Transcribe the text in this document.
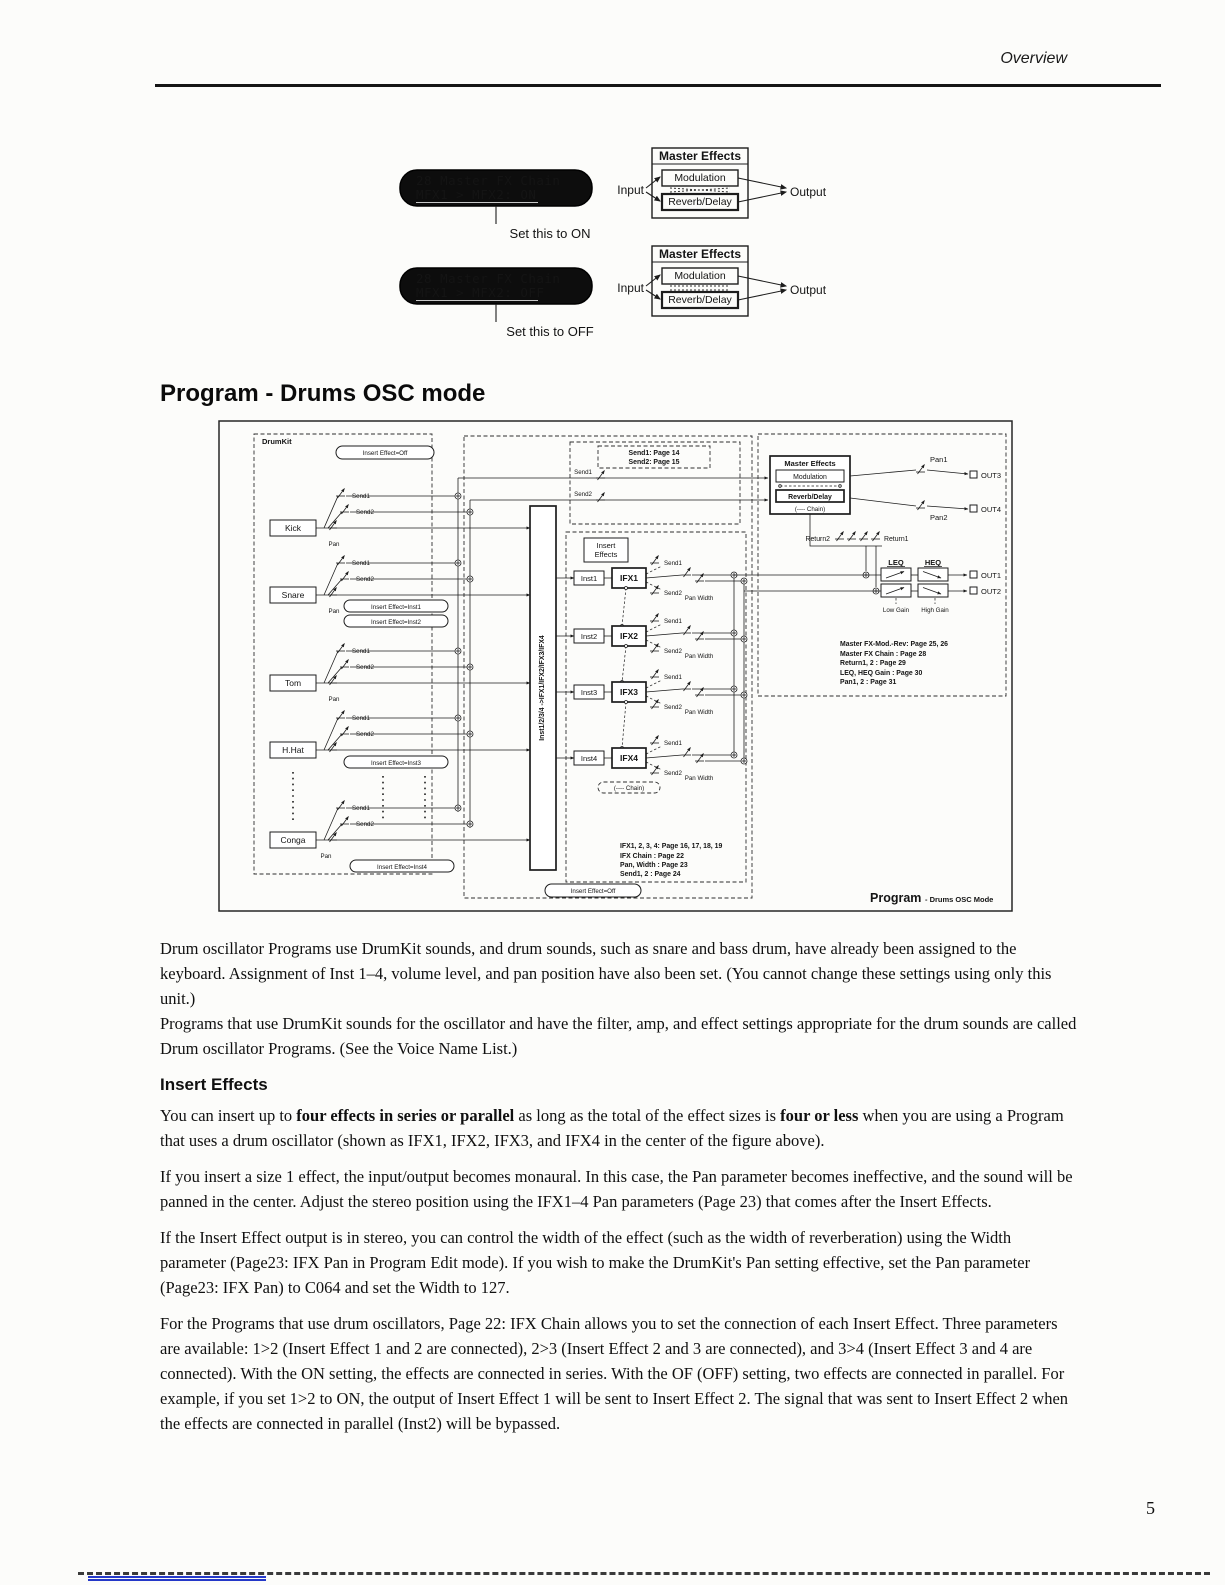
Overview
28 Master FX Chain
MFX1 > MFX2: ON
Set this to ON
Master Effects
Modulation
Reverb/Delay
Input	Output
28 Master FX Chain
MFX1 > MFX2: OFF
Set this to OFF
Master Effects
Modulation
Reverb/Delay
Input	Output
Program - Drums OSC mode
DrumKit
Insert Effect=Off
Kick
Send1
Send2
Pan
Snare
Send1
Send2
Pan
Insert Effect=Inst1
Insert Effect=Inst2
Tom
Send1
Send2
Pan
H.Hat
Send1
Send2
Insert Effect=Inst3
Conga
Send1
Send2
Pan
Insert Effect=Inst4
Send1: Page 14
Send2: Page 15
Send1
Send2
Inst1/2/3/4 ->IFX1/IFX2/IFX3/IFX4
Insert
Effects
Inst1	IFX1
Send1
Send2
Pan Width
Inst2	IFX2
Send1
Send2
Pan Width
Inst3	IFX3
Send1
Send2
Pan Width
Inst4	IFX4
Send1
Send2
Pan Width
(---- Chain)
IFX1, 2, 3, 4: Page 16, 17, 18, 19
IFX Chain : Page 22
Pan, Width : Page 23
Send1, 2 : Page 24
Insert Effect=Off
Master Effects
Modulation
Reverb/Delay
(---- Chain)
Pan1
Pan2
Return2	Return1
LEQ	HEQ
Low Gain High Gain
OUT3
OUT4
OUT1
OUT2
Master FX-Mod.-Rev: Page 25, 26
Master FX Chain : Page 28
Return1, 2 : Page 29
LEQ, HEQ Gain : Page 30
Pan1, 2 : Page 31
Program - Drums OSC Mode

Drum oscillator Programs use DrumKit sounds, and drum sounds, such as snare and bass drum, have already been assigned to the keyboard. Assignment of Inst 1–4, volume level, and pan position have also been set. (You cannot change these settings using only this unit.)

Programs that use DrumKit sounds for the oscillator and have the filter, amp, and effect settings appropriate for the drum sounds are called Drum oscillator Programs. (See the Voice Name List.)

Insert Effects

You can insert up to four effects in series or parallel as long as the total of the effect sizes is four or less when you are using a Program that uses a drum oscillator (shown as IFX1, IFX2, IFX3, and IFX4 in the center of the figure above).

If you insert a size 1 effect, the input/output becomes monaural. In this case, the Pan parameter becomes ineffective, and the sound will be panned in the center. Adjust the stereo position using the IFX1–4 Pan parameters (Page 23) that comes after the Insert Effects.

If the Insert Effect output is in stereo, you can control the width of the effect (such as the width of reverberation) using the Width parameter (Page23: IFX Pan in Program Edit mode). If you wish to make the DrumKit's Pan setting effective, set the Pan parameter (Page23: IFX Pan) to C064 and set the Width to 127.

For the Programs that use drum oscillators, Page 22: IFX Chain allows you to set the connection of each Insert Effect. Three parameters are available: 1>2 (Insert Effect 1 and 2 are connected), 2>3 (Insert Effect 2 and 3 are connected), and 3>4 (Insert Effect 3 and 4 are connected). With the ON setting, the effects are connected in series. With the OF (OFF) setting, two effects are connected in parallel. For example, if you set 1>2 to ON, the output of Insert Effect 1 will be sent to Insert Effect 2. The signal that was sent to Insert Effect 2 when the effects are connected in parallel (Inst2) will be bypassed.

5
